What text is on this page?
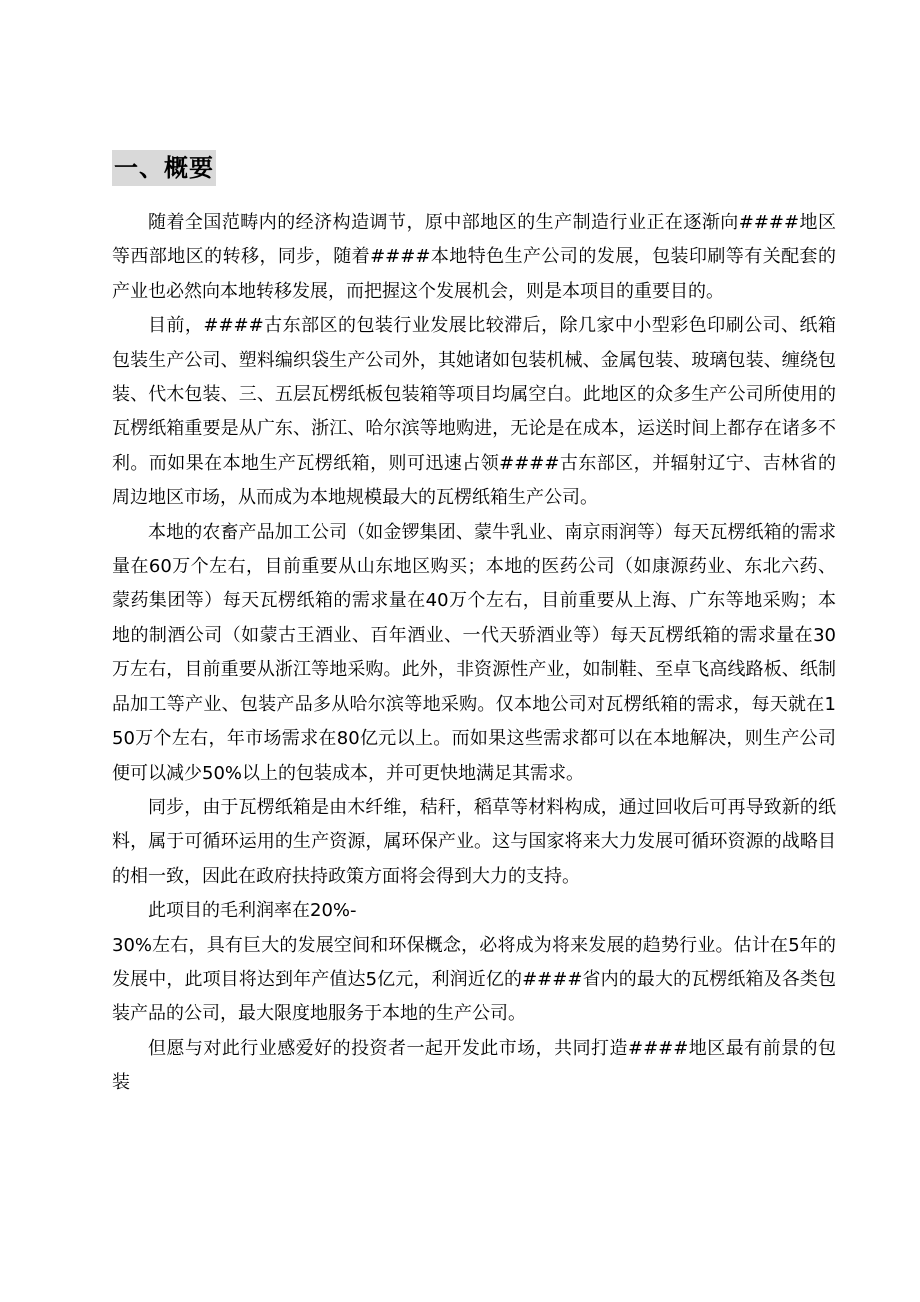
一、概要

随着全国范畴内的经济构造调节，原中部地区的生产制造行业正在逐渐向####地区等西部地区的转移，同步，随着####本地特色生产公司的发展，包装印刷等有关配套的产业也必然向本地转移发展，而把握这个发展机会，则是本项目的重要目的。

目前，####古东部区的包装行业发展比较滞后，除几家中小型彩色印刷公司、纸箱包装生产公司、塑料编织袋生产公司外，其她诸如包装机械、金属包装、玻璃包装、缠绕包装、代木包装、三、五层瓦楞纸板包装箱等项目均属空白。此地区的众多生产公司所使用的瓦楞纸箱重要是从广东、浙江、哈尔滨等地购进，无论是在成本，运送时间上都存在诸多不利。而如果在本地生产瓦楞纸箱，则可迅速占领####古东部区，并辐射辽宁、吉林省的周边地区市场，从而成为本地规模最大的瓦楞纸箱生产公司。

本地的农畜产品加工公司（如金锣集团、蒙牛乳业、南京雨润等）每天瓦楞纸箱的需求量在60万个左右，目前重要从山东地区购买；本地的医药公司（如康源药业、东北六药、蒙药集团等）每天瓦楞纸箱的需求量在40万个左右，目前重要从上海、广东等地采购；本地的制酒公司（如蒙古王酒业、百年酒业、一代天骄酒业等）每天瓦楞纸箱的需求量在30万左右，目前重要从浙江等地采购。此外，非资源性产业，如制鞋、至卓飞高线路板、纸制品加工等产业、包装产品多从哈尔滨等地采购。仅本地公司对瓦楞纸箱的需求，每天就在150万个左右，年市场需求在80亿元以上。而如果这些需求都可以在本地解决，则生产公司便可以减少50%以上的包装成本，并可更快地满足其需求。

同步，由于瓦楞纸箱是由木纤维，秸秆，稻草等材料构成，通过回收后可再导致新的纸料，属于可循环运用的生产资源，属环保产业。这与国家将来大力发展可循环资源的战略目的相一致，因此在政府扶持政策方面将会得到大力的支持。

此项目的毛利润率在20%-

30%左右，具有巨大的发展空间和环保概念，必将成为将来发展的趋势行业。估计在5年的发展中，此项目将达到年产值达5亿元，利润近亿的####省内的最大的瓦楞纸箱及各类包装产品的公司，最大限度地服务于本地的生产公司。

但愿与对此行业感爱好的投资者一起开发此市场，共同打造####地区最有前景的包装
